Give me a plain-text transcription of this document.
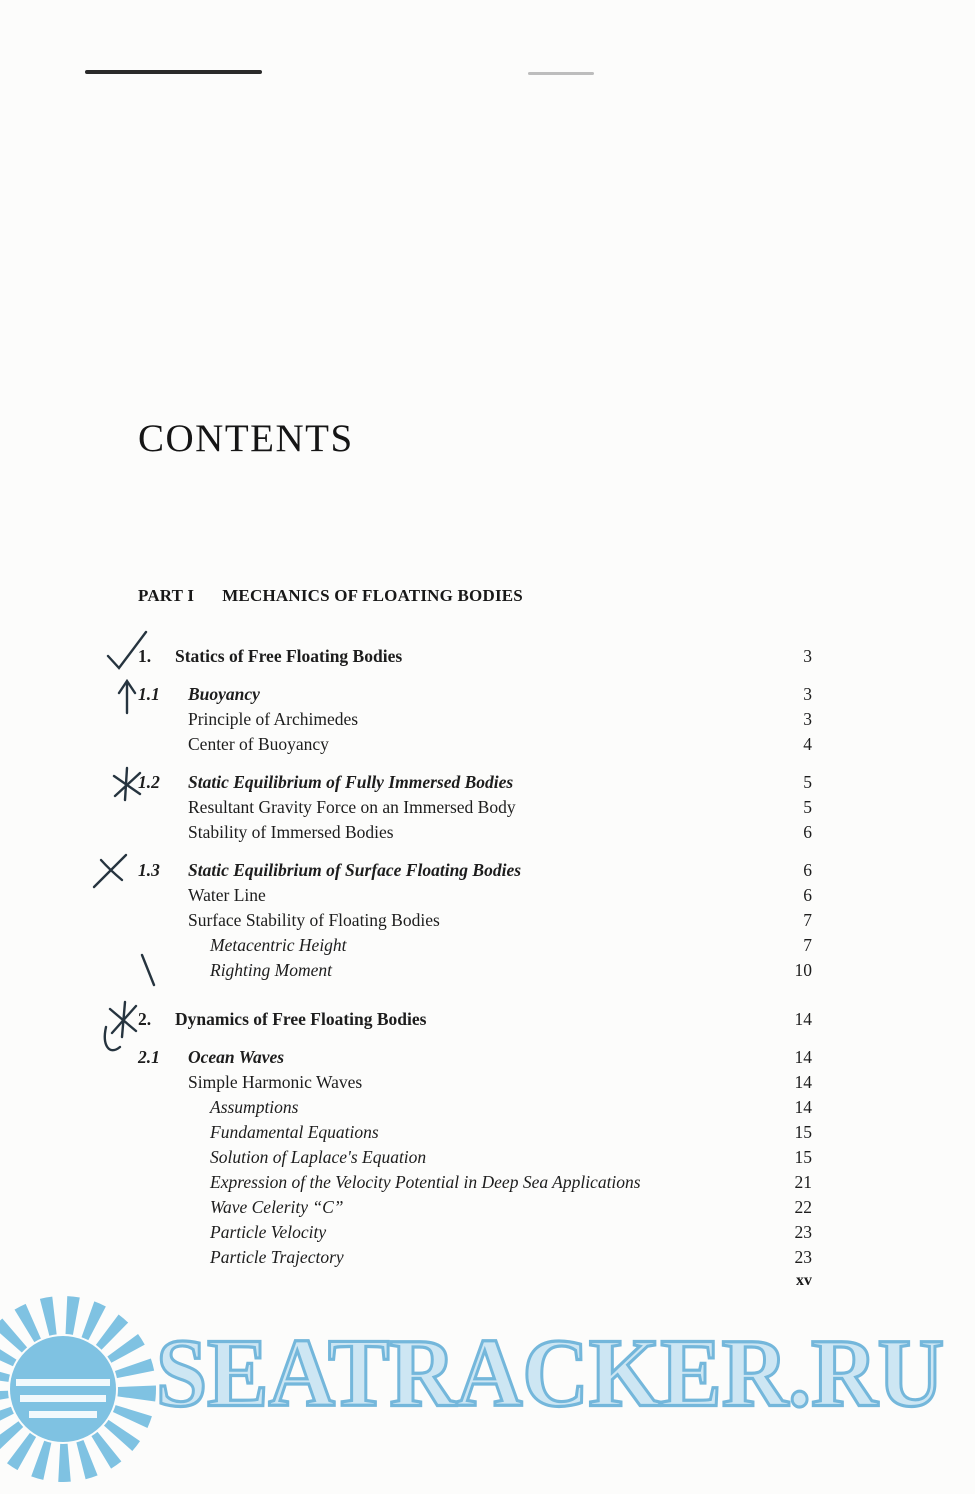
CONTENTS
PART I MECHANICS OF FLOATING BODIES
1.	Statics of Free Floating Bodies	3
1.1	Buoyancy	3
Principle of Archimedes	3
Center of Buoyancy	4
1.2	Static Equilibrium of Fully Immersed Bodies	5
Resultant Gravity Force on an Immersed Body	5
Stability of Immersed Bodies	6
1.3	Static Equilibrium of Surface Floating Bodies	6
Water Line	6
Surface Stability of Floating Bodies	7
Metacentric Height	7
Righting Moment	10
2.	Dynamics of Free Floating Bodies	14
2.1	Ocean Waves	14
Simple Harmonic Waves	14
Assumptions	14
Fundamental Equations	15
Solution of Laplace's Equation	15
Expression of the Velocity Potential in Deep Sea Applications	21
Wave Celerity “C”	22
Particle Velocity	23
Particle Trajectory	23
xv
SEATRACKER.RU
